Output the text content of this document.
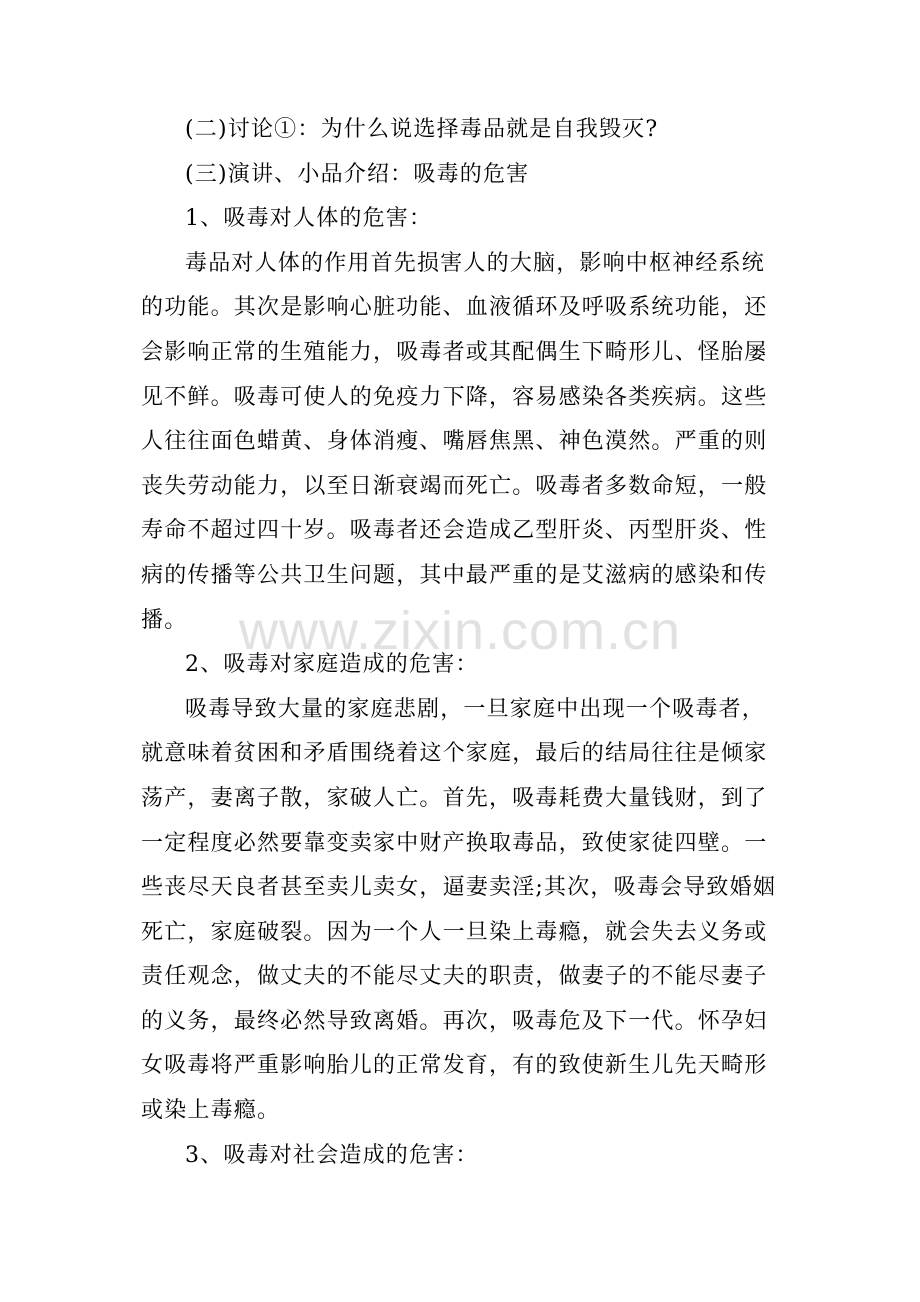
(二)讨论①：为什么说选择毒品就是自我毁灭?
(三)演讲、小品介绍：吸毒的危害
1、吸毒对人体的危害：
毒品对人体的作用首先损害人的大脑，影响中枢神经系统
的功能。其次是影响心脏功能、血液循环及呼吸系统功能，还
会影响正常的生殖能力，吸毒者或其配偶生下畸形儿、怪胎屡
见不鲜。吸毒可使人的免疫力下降，容易感染各类疾病。这些
人往往面色蜡黄、身体消瘦、嘴唇焦黑、神色漠然。严重的则
丧失劳动能力，以至日渐衰竭而死亡。吸毒者多数命短，一般
寿命不超过四十岁。吸毒者还会造成乙型肝炎、丙型肝炎、性
病的传播等公共卫生问题，其中最严重的是艾滋病的感染和传
播。
2、吸毒对家庭造成的危害：
吸毒导致大量的家庭悲剧，一旦家庭中出现一个吸毒者，
就意味着贫困和矛盾围绕着这个家庭，最后的结局往往是倾家
荡产，妻离子散，家破人亡。首先，吸毒耗费大量钱财，到了
一定程度必然要靠变卖家中财产换取毒品，致使家徒四壁。一
些丧尽天良者甚至卖儿卖女，逼妻卖淫;其次，吸毒会导致婚姻
死亡，家庭破裂。因为一个人一旦染上毒瘾，就会失去义务或
责任观念，做丈夫的不能尽丈夫的职责，做妻子的不能尽妻子
的义务，最终必然导致离婚。再次，吸毒危及下一代。怀孕妇
女吸毒将严重影响胎儿的正常发育，有的致使新生儿先天畸形
或染上毒瘾。
3、吸毒对社会造成的危害：
www.zixin.com.cn
